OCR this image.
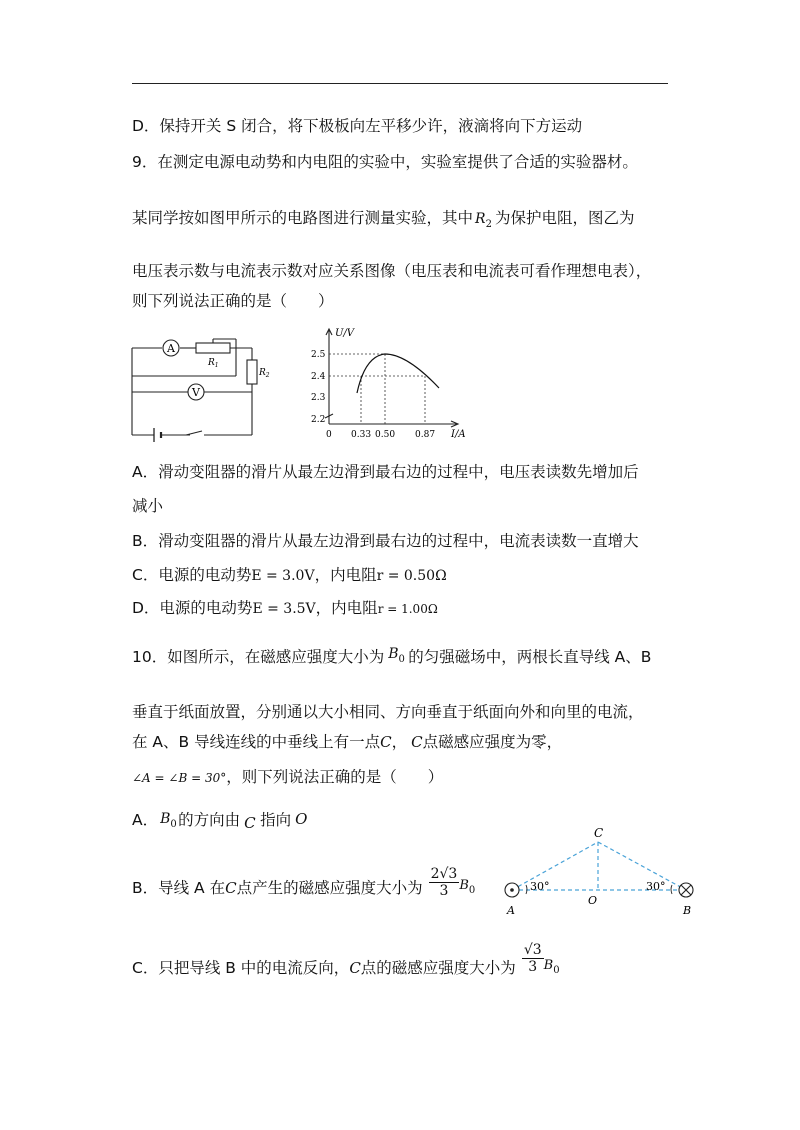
D．保持开关 S 闭合，将下极板向左平移少许，液滴将向下方运动
9．在测定电源电动势和内电阻的实验中，实验室提供了合适的实验器材。
某同学按如图甲所示的电路图进行测量实验，其中 $R_2$ 为保护电阻，图乙为
电压表示数与电流表示数对应关系图像（电压表和电流表可看作理想电表），
则下列说法正确的是（　　）
A
V
$R_1$
$R_2$
U/V
2.5
2.4
2.3
2.2
0 0.33 0.50 0.87 I/A
A．滑动变阻器的滑片从最左边滑到最右边的过程中，电压表读数先增加后
减小
B．滑动变阻器的滑片从最左边滑到最右边的过程中，电流表读数一直增大
C．电源的电动势E = 3.0V，内电阻r = 0.50Ω
D．电源的电动势E = 3.5V，内电阻r = 1.00Ω
10．如图所示，在磁感应强度大小为 $B_0$ 的匀强磁场中，两根长直导线 A、B
垂直于纸面放置，分别通以大小相同、方向垂直于纸面向外和向里的电流，
在 A、B 导线连线的中垂线上有一点C， C点磁感应强度为零，
∠A = ∠B = 30°，则下列说法正确的是（　　）
A． $B_0$ 的方向由 C 指向 O
B．导线 A 在C点产生的磁感应强度大小为 $\frac{2√3}{3} ^{B_0}$
C．只把导线 B 中的电流反向，C点的磁感应强度大小为 $\frac{√3}{3} ^{B_0}$
C
A	B
O
30°	30°
